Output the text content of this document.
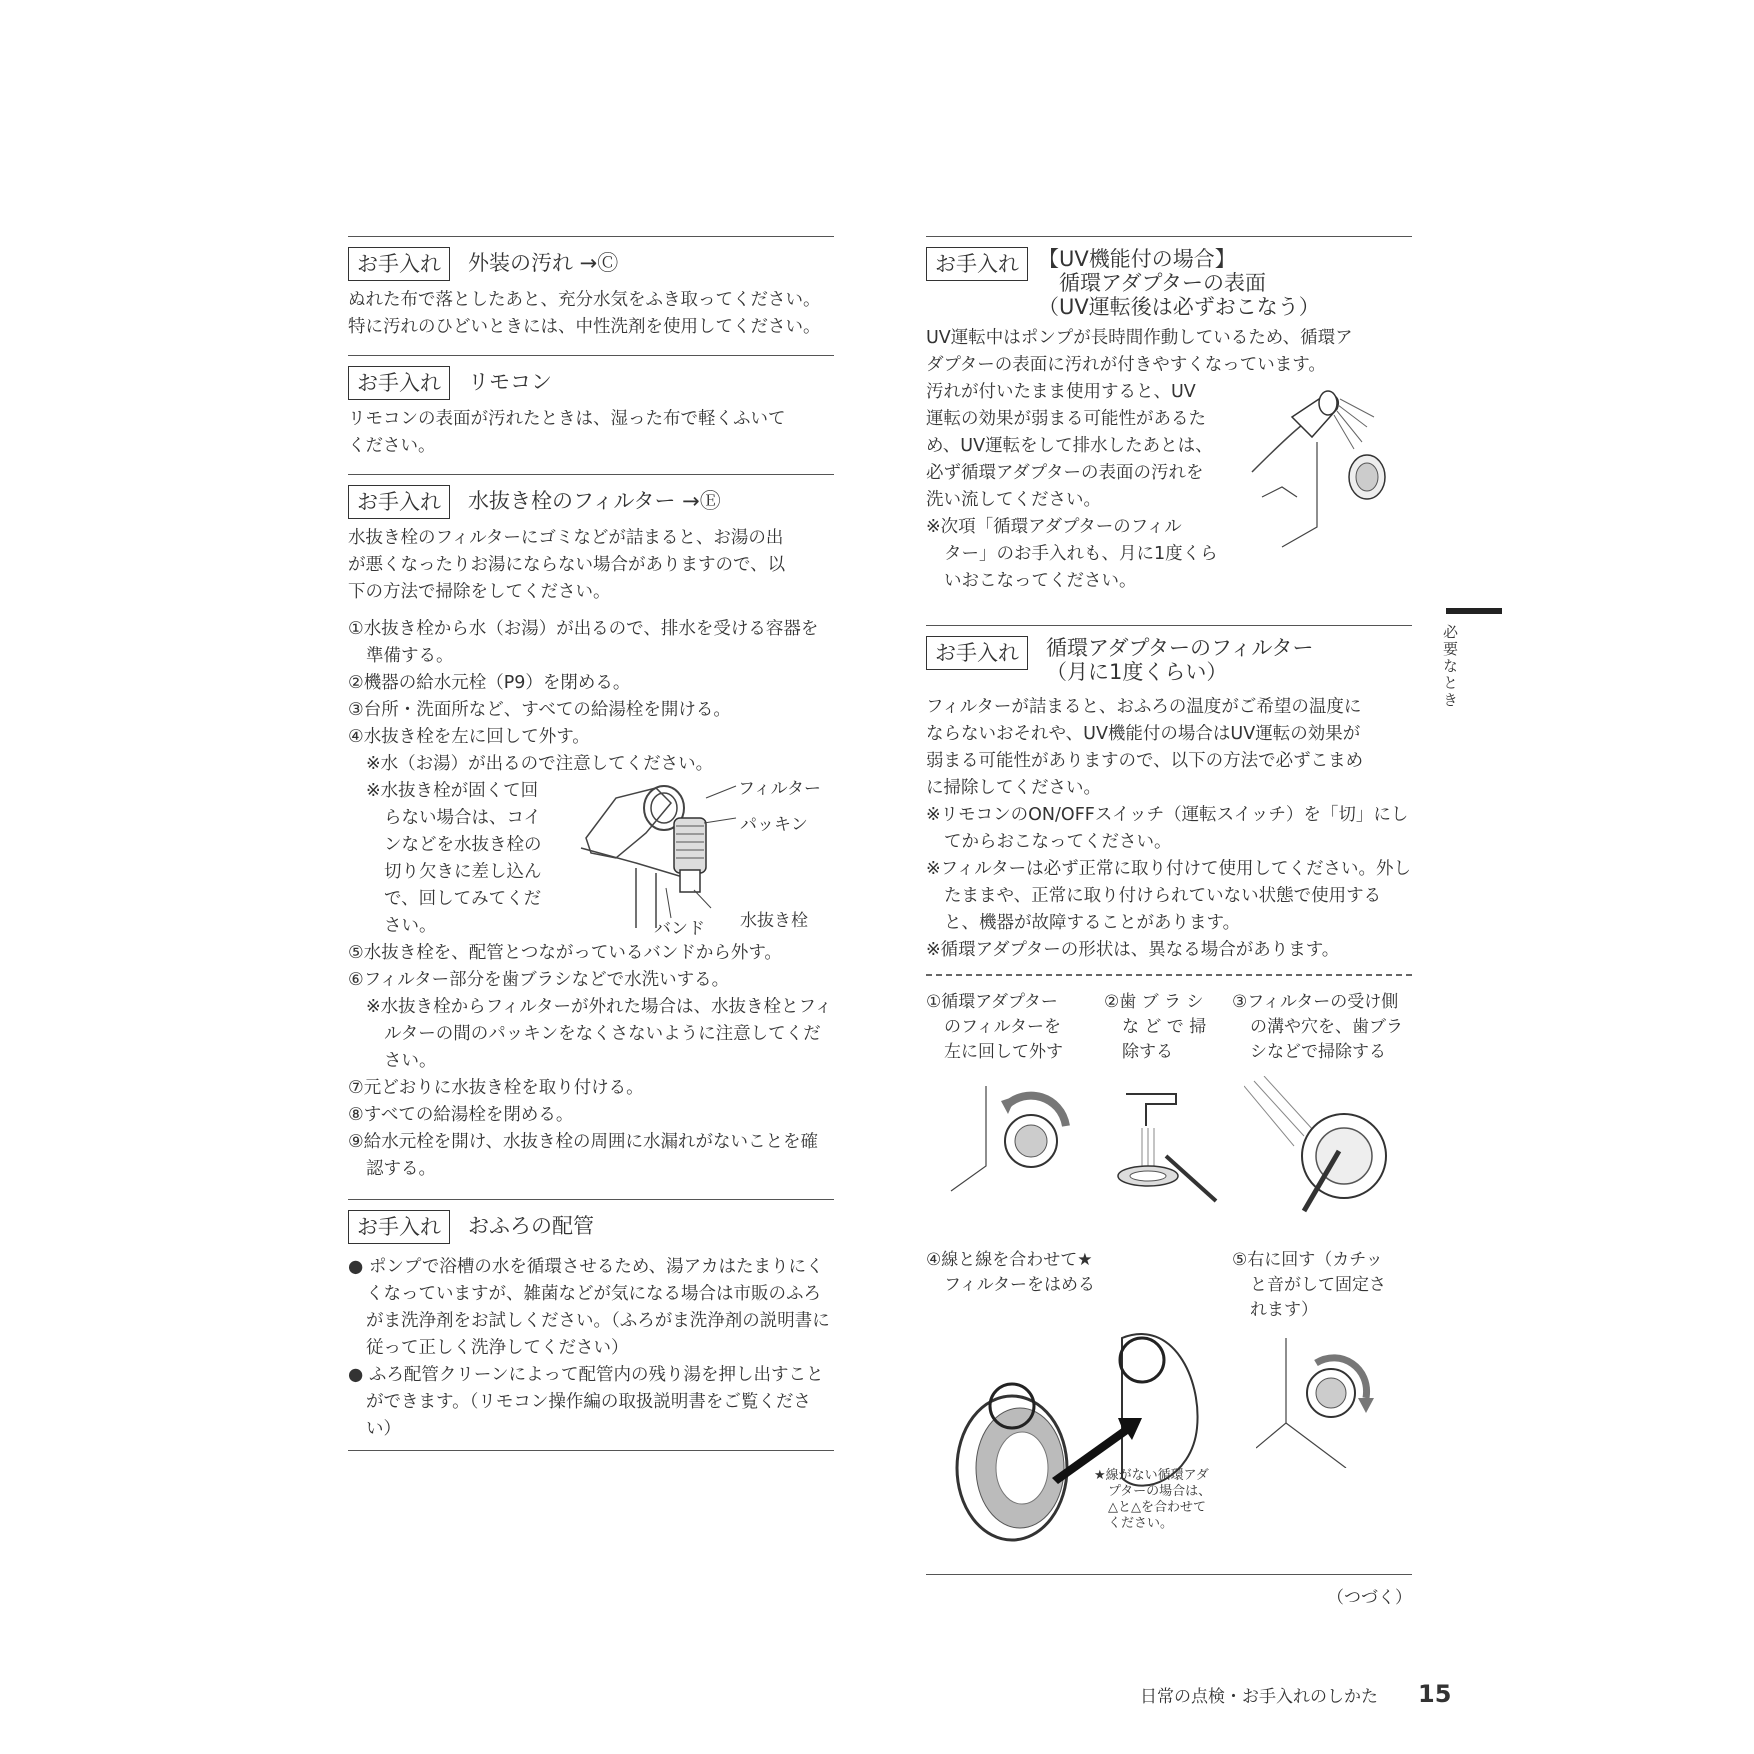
お手入れ	外装の汚れ →Ⓒ
ぬれた布で落としたあと、充分水気をふき取ってください。
特に汚れのひどいときには、中性洗剤を使用してください。
お手入れ	リモコン
リモコンの表面が汚れたときは、湿った布で軽くふいて
ください。
お手入れ	水抜き栓のフィルター →Ⓔ
水抜き栓のフィルターにゴミなどが詰まると、お湯の出
が悪くなったりお湯にならない場合がありますので、以
下の方法で掃除をしてください。
①水抜き栓から水（お湯）が出るので、排水を受ける容器を準備する。
②機器の給水元栓（P9）を閉める。
③台所・洗面所など、すべての給湯栓を開ける。
④水抜き栓を左に回して外す。
※水（お湯）が出るので注意してください。
※水抜き栓が固くて回
らない場合は、コイ
ンなどを水抜き栓の
切り欠きに差し込ん
で、回してみてくだ
さい。
フィルター
パッキン
バンド 水抜き栓
⑤水抜き栓を、配管とつながっているバンドから外す。
⑥フィルター部分を歯ブラシなどで水洗いする。
※水抜き栓からフィルターが外れた場合は、水抜き栓とフィルターの間のパッキンをなくさないように注意してください。
⑦元どおりに水抜き栓を取り付ける。
⑧すべての給湯栓を閉める。
⑨給水元栓を開け、水抜き栓の周囲に水漏れがないことを確認する。
お手入れ	おふろの配管
● ポンプで浴槽の水を循環させるため、湯アカはたまりにくくなっていますが、雑菌などが気になる場合は市販のふろがま洗浄剤をお試しください。（ふろがま洗浄剤の説明書に従って正しく洗浄してください）
● ふろ配管クリーンによって配管内の残り湯を押し出すことができます。（リモコン操作編の取扱説明書をご覧ください）
お手入れ 【UV機能付の場合】
　循環アダプターの表面
（UV運転後は必ずおこなう）
UV運転中はポンプが長時間作動しているため、循環ア
ダプターの表面に汚れが付きやすくなっています。
汚れが付いたまま使用すると、UV
運転の効果が弱まる可能性があるた
め、UV運転をして排水したあとは、
必ず循環アダプターの表面の汚れを
洗い流してください。
※次項「循環アダプターのフィル
ター」のお手入れも、月に1度くら
いおこなってください。
お手入れ	循環アダプターのフィルター
（月に1度くらい）
フィルターが詰まると、おふろの温度がご希望の温度に
ならないおそれや、UV機能付の場合はUV運転の効果が
弱まる可能性がありますので、以下の方法で必ずこまめ
に掃除してください。
※リモコンのON/OFFスイッチ（運転スイッチ）を「切」にしてからおこなってください。
※フィルターは必ず正常に取り付けて使用してください。外したままや、正常に取り付けられていない状態で使用すると、機器が故障することがあります。
※循環アダプターの形状は、異なる場合があります。
①循環アダプター
のフィルターを
左に回して外す
②歯 ブ ラ シ
な ど で 掃
除する
③フィルターの受け側
の溝や穴を、歯ブラ
シなどで掃除する
④線と線を合わせて★
フィルターをはめる
⑤右に回す（カチッ
と音がして固定さ
れます）
★線がない循環アダ
プターの場合は、
△と△を合わせて
ください。
（つづく）
必要なとき
日常の点検・お手入れのしかた 15
